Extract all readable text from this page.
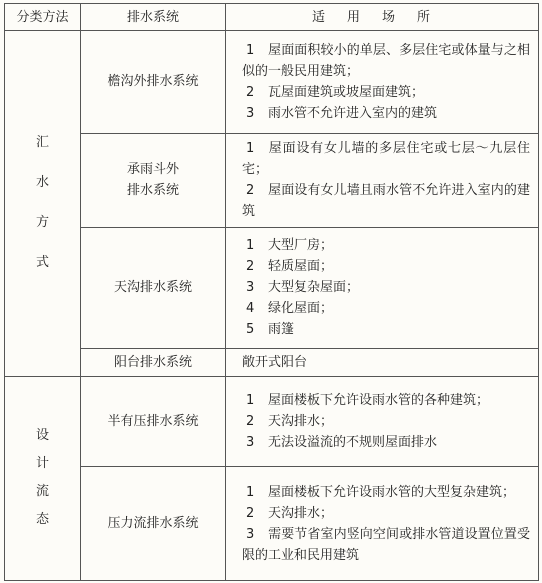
分类方法	排水系统	适用场所

汇
水
方
式	檐沟外排水系统	1 屋面面积较小的单层、多层住宅或体量与之相似的一般民用建筑；
2 瓦屋面建筑或坡屋面建筑；
3 雨水管不允许进入室内的建筑

	承雨斗外
排水系统	1 屋面设有女儿墙的多层住宅或七层～九层住宅；
2 屋面设有女儿墙且雨水管不允许进入室内的建筑

	天沟排水系统	1 大型厂房；
2 轻质屋面；
3 大型复杂屋面；
4 绿化屋面；
5 雨篷

	阳台排水系统	敞开式阳台

设
计
流
态	半有压排水系统	1 屋面楼板下允许设雨水管的各种建筑；
2 天沟排水；
3 无法设溢流的不规则屋面排水

	压力流排水系统	1 屋面楼板下允许设雨水管的大型复杂建筑；
2 天沟排水；
3 需要节省室内竖向空间或排水管道设置位置受限的工业和民用建筑
